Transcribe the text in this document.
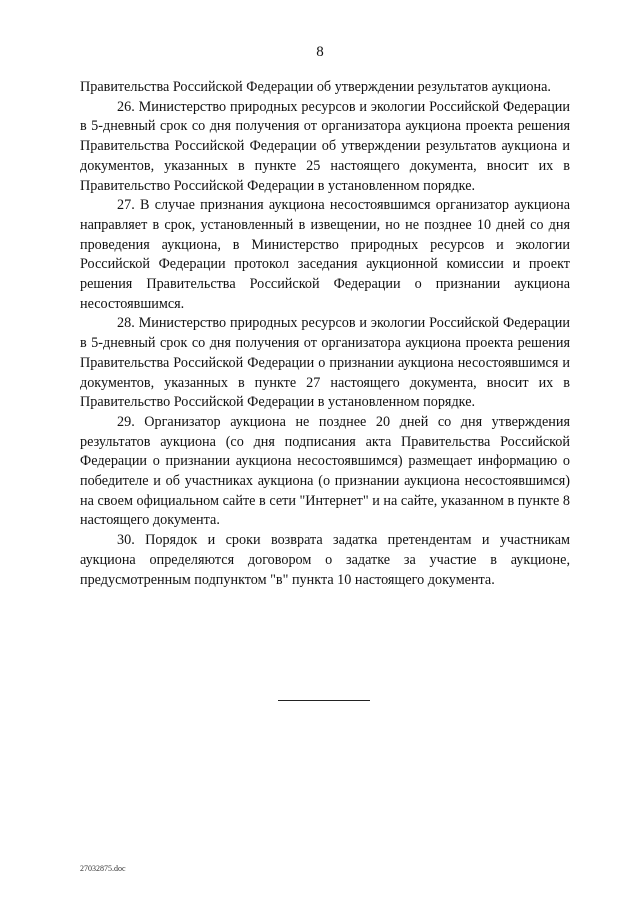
8

Правительства Российской Федерации об утверждении результатов аукциона.

26. Министерство природных ресурсов и экологии Российской Федерации в 5-дневный срок со дня получения от организатора аукциона проекта решения Правительства Российской Федерации об утверждении результатов аукциона и документов, указанных в пункте 25 настоящего документа, вносит их в Правительство Российской Федерации в установленном порядке.

27. В случае признания аукциона несостоявшимся организатор аукциона направляет в срок, установленный в извещении, но не позднее 10 дней со дня проведения аукциона, в Министерство природных ресурсов и экологии Российской Федерации протокол заседания аукционной комиссии и проект решения Правительства Российской Федерации о признании аукциона несостоявшимся.

28. Министерство природных ресурсов и экологии Российской Федерации в 5-дневный срок со дня получения от организатора аукциона проекта решения Правительства Российской Федерации о признании аукциона несостоявшимся и документов, указанных в пункте 27 настоящего документа, вносит их в Правительство Российской Федерации в установленном порядке.

29. Организатор аукциона не позднее 20 дней со дня утверждения результатов аукциона (со дня подписания акта Правительства Российской Федерации о признании аукциона несостоявшимся) размещает информацию о победителе и об участниках аукциона (о признании аукциона несостоявшимся) на своем официальном сайте в сети "Интернет" и на сайте, указанном в пункте 8 настоящего документа.

30. Порядок и сроки возврата задатка претендентам и участникам аукциона определяются договором о задатке за участие в аукционе, предусмотренным подпунктом "в" пункта 10 настоящего документа.

27032875.doc
